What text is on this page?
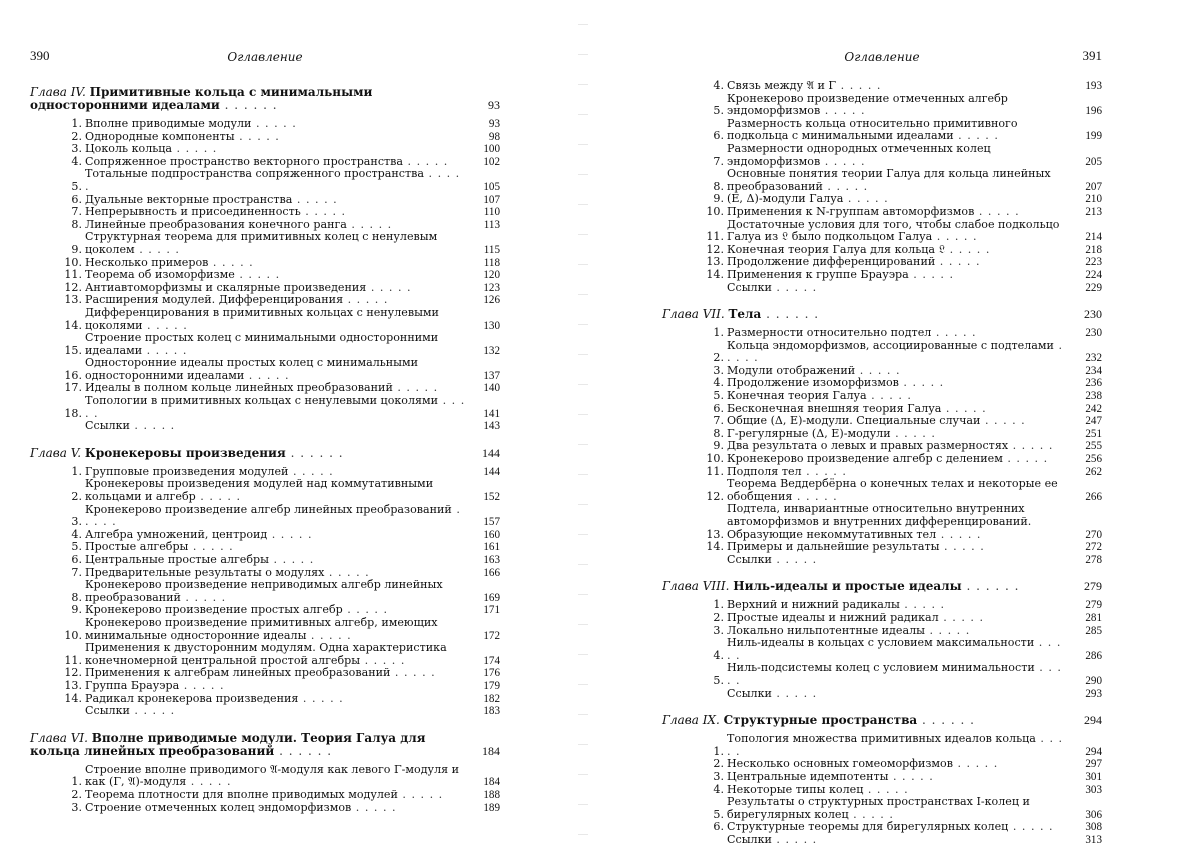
390	Оглавление
Глава IV. Примитивные кольца с минимальными односторонними идеалами . . . . . .	93
1. Вполне приводимые модули . . . . .	93
2. Однородные компоненты . . . . .	98
3. Цоколь кольца . . . . .	100
4. Сопряженное пространство векторного пространства . . . . .	102
5.
Тотальные подпространства сопряженного пространства . . . . .	105
6. Дуальные векторные пространства . . . . .	107
7. Непрерывность и присоединенность . . . . .	110
8. Линейные преобразования конечного ранга . . . . .	113
9.
Структурная теорема для примитивных колец с ненулевым цоколем . . . . .	115
10. Несколько примеров . . . . .	118
11. Теорема об изоморфизме . . . . .	120
12. Антиавтоморфизмы и скалярные произведения . . . . .	123
13. Расширения модулей. Дифференцирования . . . . .	126
14.
Дифференцирования в примитивных кольцах с ненулевыми цоколями . . . . .	130
15.
Строение простых колец с минимальными односторонними идеалами . . . . .	132
16.
Односторонние идеалы простых колец с минимальными односторонними идеалами . . . . .	137
17. Идеалы в полном кольце линейных преобразований . . . . .	140
18.
Топологии в примитивных кольцах с ненулевыми цоколями . . . . .	141
Ссылки . . . . .	143
Глава V. Кронекеровы произведения . . . . . .	144
1. Групповые произведения модулей . . . . .	144
2.
Кронекеровы произведения модулей над коммутативными кольцами и алгебр . . . . .	152
3.
Кронекерово произведение алгебр линейных преобразований . . . . .	157
4. Алгебра умножений, центроид . . . . .	160
5. Простые алгебры . . . . .	161
6. Центральные простые алгебры . . . . .	163
7. Предварительные результаты о модулях . . . . .	166
8.
Кронекерово произведение неприводимых алгебр линейных преобразований . . . . .	169
9. Кронекерово произведение простых алгебр . . . . .	171
10.
Кронекерово произведение примитивных алгебр, имеющих минимальные односторонние идеалы . . . . .	172
11.
Применения к двусторонним модулям. Одна характеристика конечномерной центральной простой алгебры . . . . .	174
12. Применения к алгебрам линейных преобразований . . . . .	176
13. Группа Брауэра . . . . .	179
14. Радикал кронекерова произведения . . . . .	182
Ссылки . . . . .	183
Глава VI. Вполне приводимые модули. Теория Галуа для кольца линейных преобразований . . . . . .	184
1.
Строение вполне приводимого 𝔄-модуля как левого Γ-модуля и как (Γ, 𝔄)-модуля . . . . .	184
2. Теорема плотности для вполне приводимых модулей . . . . .	188
3. Строение отмеченных колец эндоморфизмов . . . . .	189
Оглавление	391
4. Связь между 𝔄 и Γ . . . . .	193
5.
Кронекерово произведение отмеченных алгебр эндоморфизмов . . . . .	196
6.
Размерность кольца относительно примитивного подкольца с минимальными идеалами . . . . .	199
7.
Размерности однородных отмеченных колец эндоморфизмов . . . . .	205
8.
Основные понятия теории Галуа для кольца линейных преобразований . . . . .	207
9. (E, Δ)-модули Галуа . . . . .	210
10. Применения к N-группам автоморфизмов . . . . .	213
11.
Достаточные условия для того, чтобы слабое подкольцо Галуа из 𝔏 было подкольцом Галуа . . . . .	214
12. Конечная теория Галуа для кольца 𝔏 . . . . .	218
13. Продолжение дифференцирований . . . . .	223
14. Применения к группе Брауэра . . . . .	224
Ссылки . . . . .	229
Глава VII. Тела . . . . . .	230
1. Размерности относительно подтел . . . . .	230
2.
Кольца эндоморфизмов, ассоциированные с подтелами . . . . .	232
3. Модули отображений . . . . .	234
4. Продолжение изоморфизмов . . . . .	236
5. Конечная теория Галуа . . . . .	238
6. Бесконечная внешняя теория Галуа . . . . .	242
7. Общие (Δ, E)-модули. Специальные случаи . . . . .	247
8. Γ-регулярные (Δ, E)-модули . . . . .	251
9. Два результата о левых и правых размерностях . . . . .	255
10. Кронекерово произведение алгебр с делением . . . . .	256
11. Подполя тел . . . . .	262
12.
Теорема Веддербёрна о конечных телах и некоторые ее обобщения . . . . .	266
13.
Подтела, инвариантные относительно внутренних автоморфизмов и внутренних дифференцирований. Образующие некоммутативных тел . . . . .	270
14. Примеры и дальнейшие результаты . . . . .	272
Ссылки . . . . .	278
Глава VIII. Ниль-идеалы и простые идеалы . . . . . .	279
1. Верхний и нижний радикалы . . . . .	279
2. Простые идеалы и нижний радикал . . . . .	281
3. Локально нильпотентные идеалы . . . . .	285
4.
Ниль-идеалы в кольцах с условием максимальности . . . . .	286
5.
Ниль-подсистемы колец с условием минимальности . . . . .	290
Ссылки . . . . .	293
Глава IX. Структурные пространства . . . . . .	294
1.
Топология множества примитивных идеалов кольца . . . . .	294
2. Несколько основных гомеоморфизмов . . . . .	297
3. Центральные идемпотенты . . . . .	301
4. Некоторые типы колец . . . . .	303
5.
Результаты о структурных пространствах I-колец и бирегулярных колец . . . . .	306
6. Структурные теоремы для бирегулярных колец . . . . .	308
Ссылки . . . . .	313
